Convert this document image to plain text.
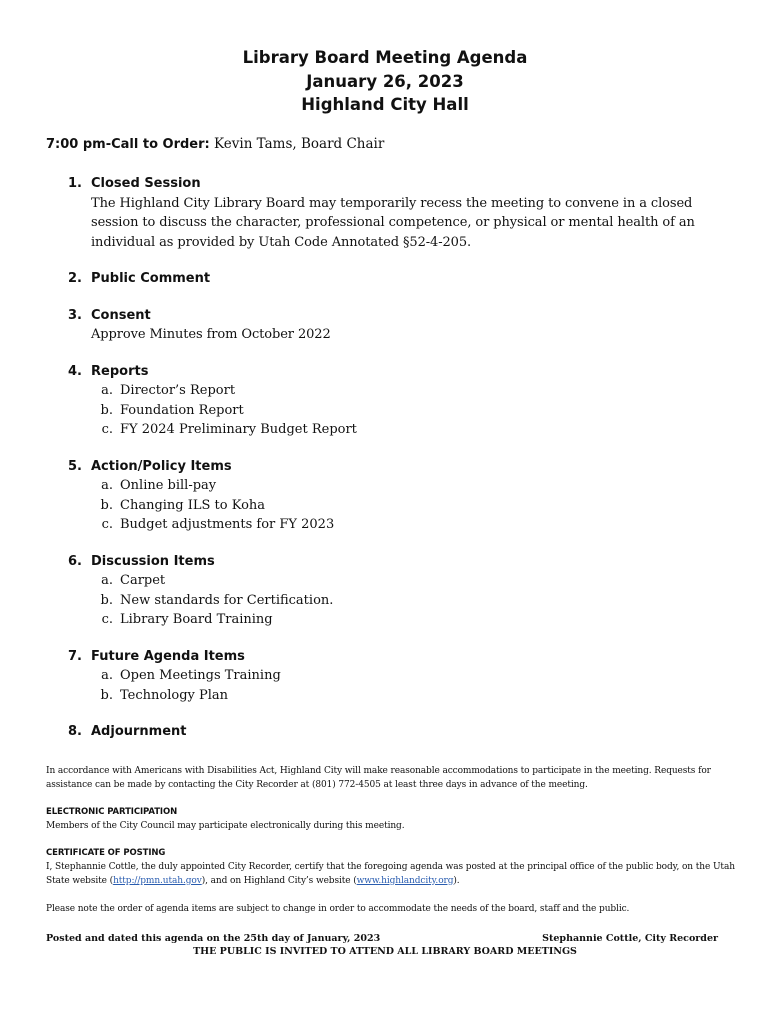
Library Board Meeting Agenda
January 26, 2023
Highland City Hall
7:00 pm-Call to Order: Kevin Tams, Board Chair
1. Closed Session
The Highland City Library Board may temporarily recess the meeting to convene in a closed session to discuss the character, professional competence, or physical or mental health of an individual as provided by Utah Code Annotated §52-4-205.
2. Public Comment
3. Consent
Approve Minutes from October 2022
4. Reports
a. Director’s Report
b. Foundation Report
c. FY 2024 Preliminary Budget Report
5. Action/Policy Items
a. Online bill-pay
b. Changing ILS to Koha
c. Budget adjustments for FY 2023
6. Discussion Items
a. Carpet
b. New standards for Certification.
c. Library Board Training
7. Future Agenda Items
a. Open Meetings Training
b. Technology Plan
8. Adjournment

In accordance with Americans with Disabilities Act, Highland City will make reasonable accommodations to participate in the meeting. Requests for assistance can be made by contacting the City Recorder at (801) 772-4505 at least three days in advance of the meeting.

ELECTRONIC PARTICIPATION

Members of the City Council may participate electronically during this meeting.

CERTIFICATE OF POSTING

I, Stephannie Cottle, the duly appointed City Recorder, certify that the foregoing agenda was posted at the principal office of the public body, on the Utah State website (http://pmn.utah.gov), and on Highland City’s website (www.highlandcity.org).

Please note the order of agenda items are subject to change in order to accommodate the needs of the board, staff and the public.

Posted and dated this agenda on the 25th day of January, 2023	Stephannie Cottle, City Recorder
THE PUBLIC IS INVITED TO ATTEND ALL LIBRARY BOARD MEETINGS
